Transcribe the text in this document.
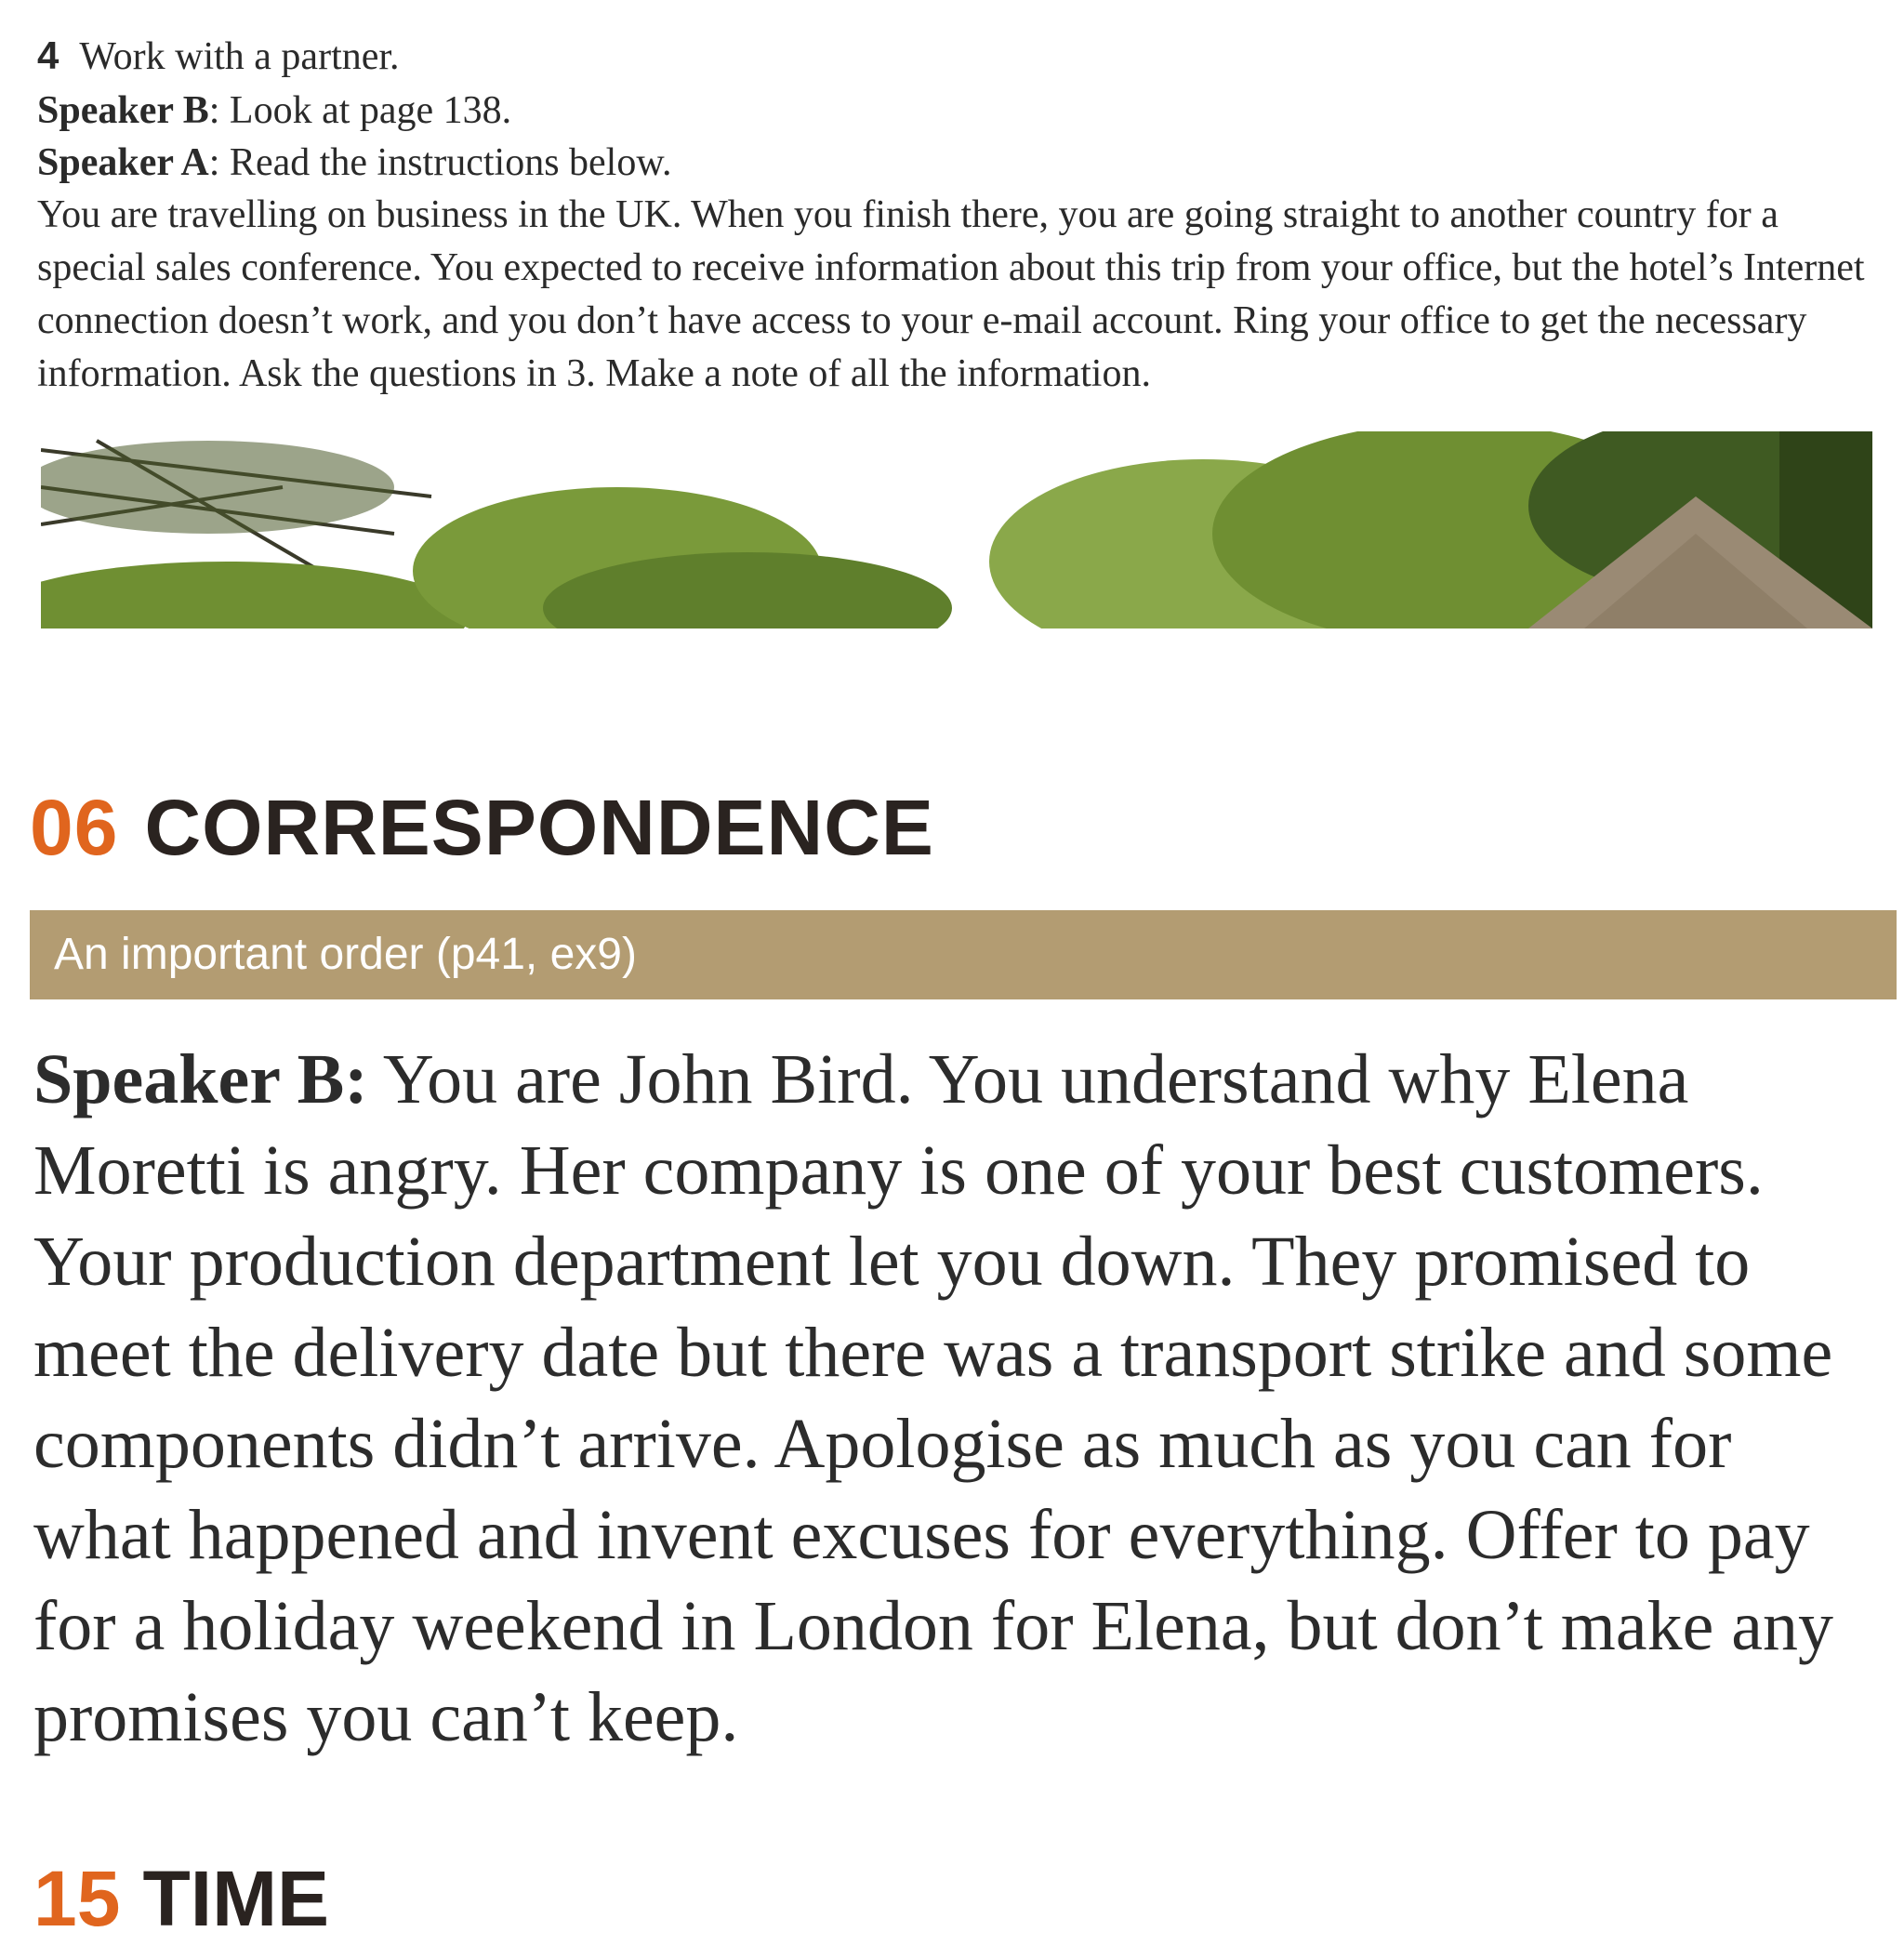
4 Work with a partner.
Speaker B: Look at page 138.
Speaker A: Read the instructions below.
You are travelling on business in the UK. When you finish there, you are going straight to another country for a special sales conference. You expected to receive information about this trip from your office, but the hotel’s Internet connection doesn’t work, and you don’t have access to your e-mail account. Ring your office to get the necessary information. Ask the questions in 3. Make a note of all the information.
06 CORRESPONDENCE
An important order (p41, ex9)
Speaker B: You are John Bird. You understand why Elena Moretti is angry. Her company is one of your best customers. Your production department let you down. They promised to meet the delivery date but there was a transport strike and some components didn’t arrive. Apologise as much as you can for what happened and invent excuses for everything. Offer to pay for a holiday weekend in London for Elena, but don’t make any promises you can’t keep.
15 TIME
